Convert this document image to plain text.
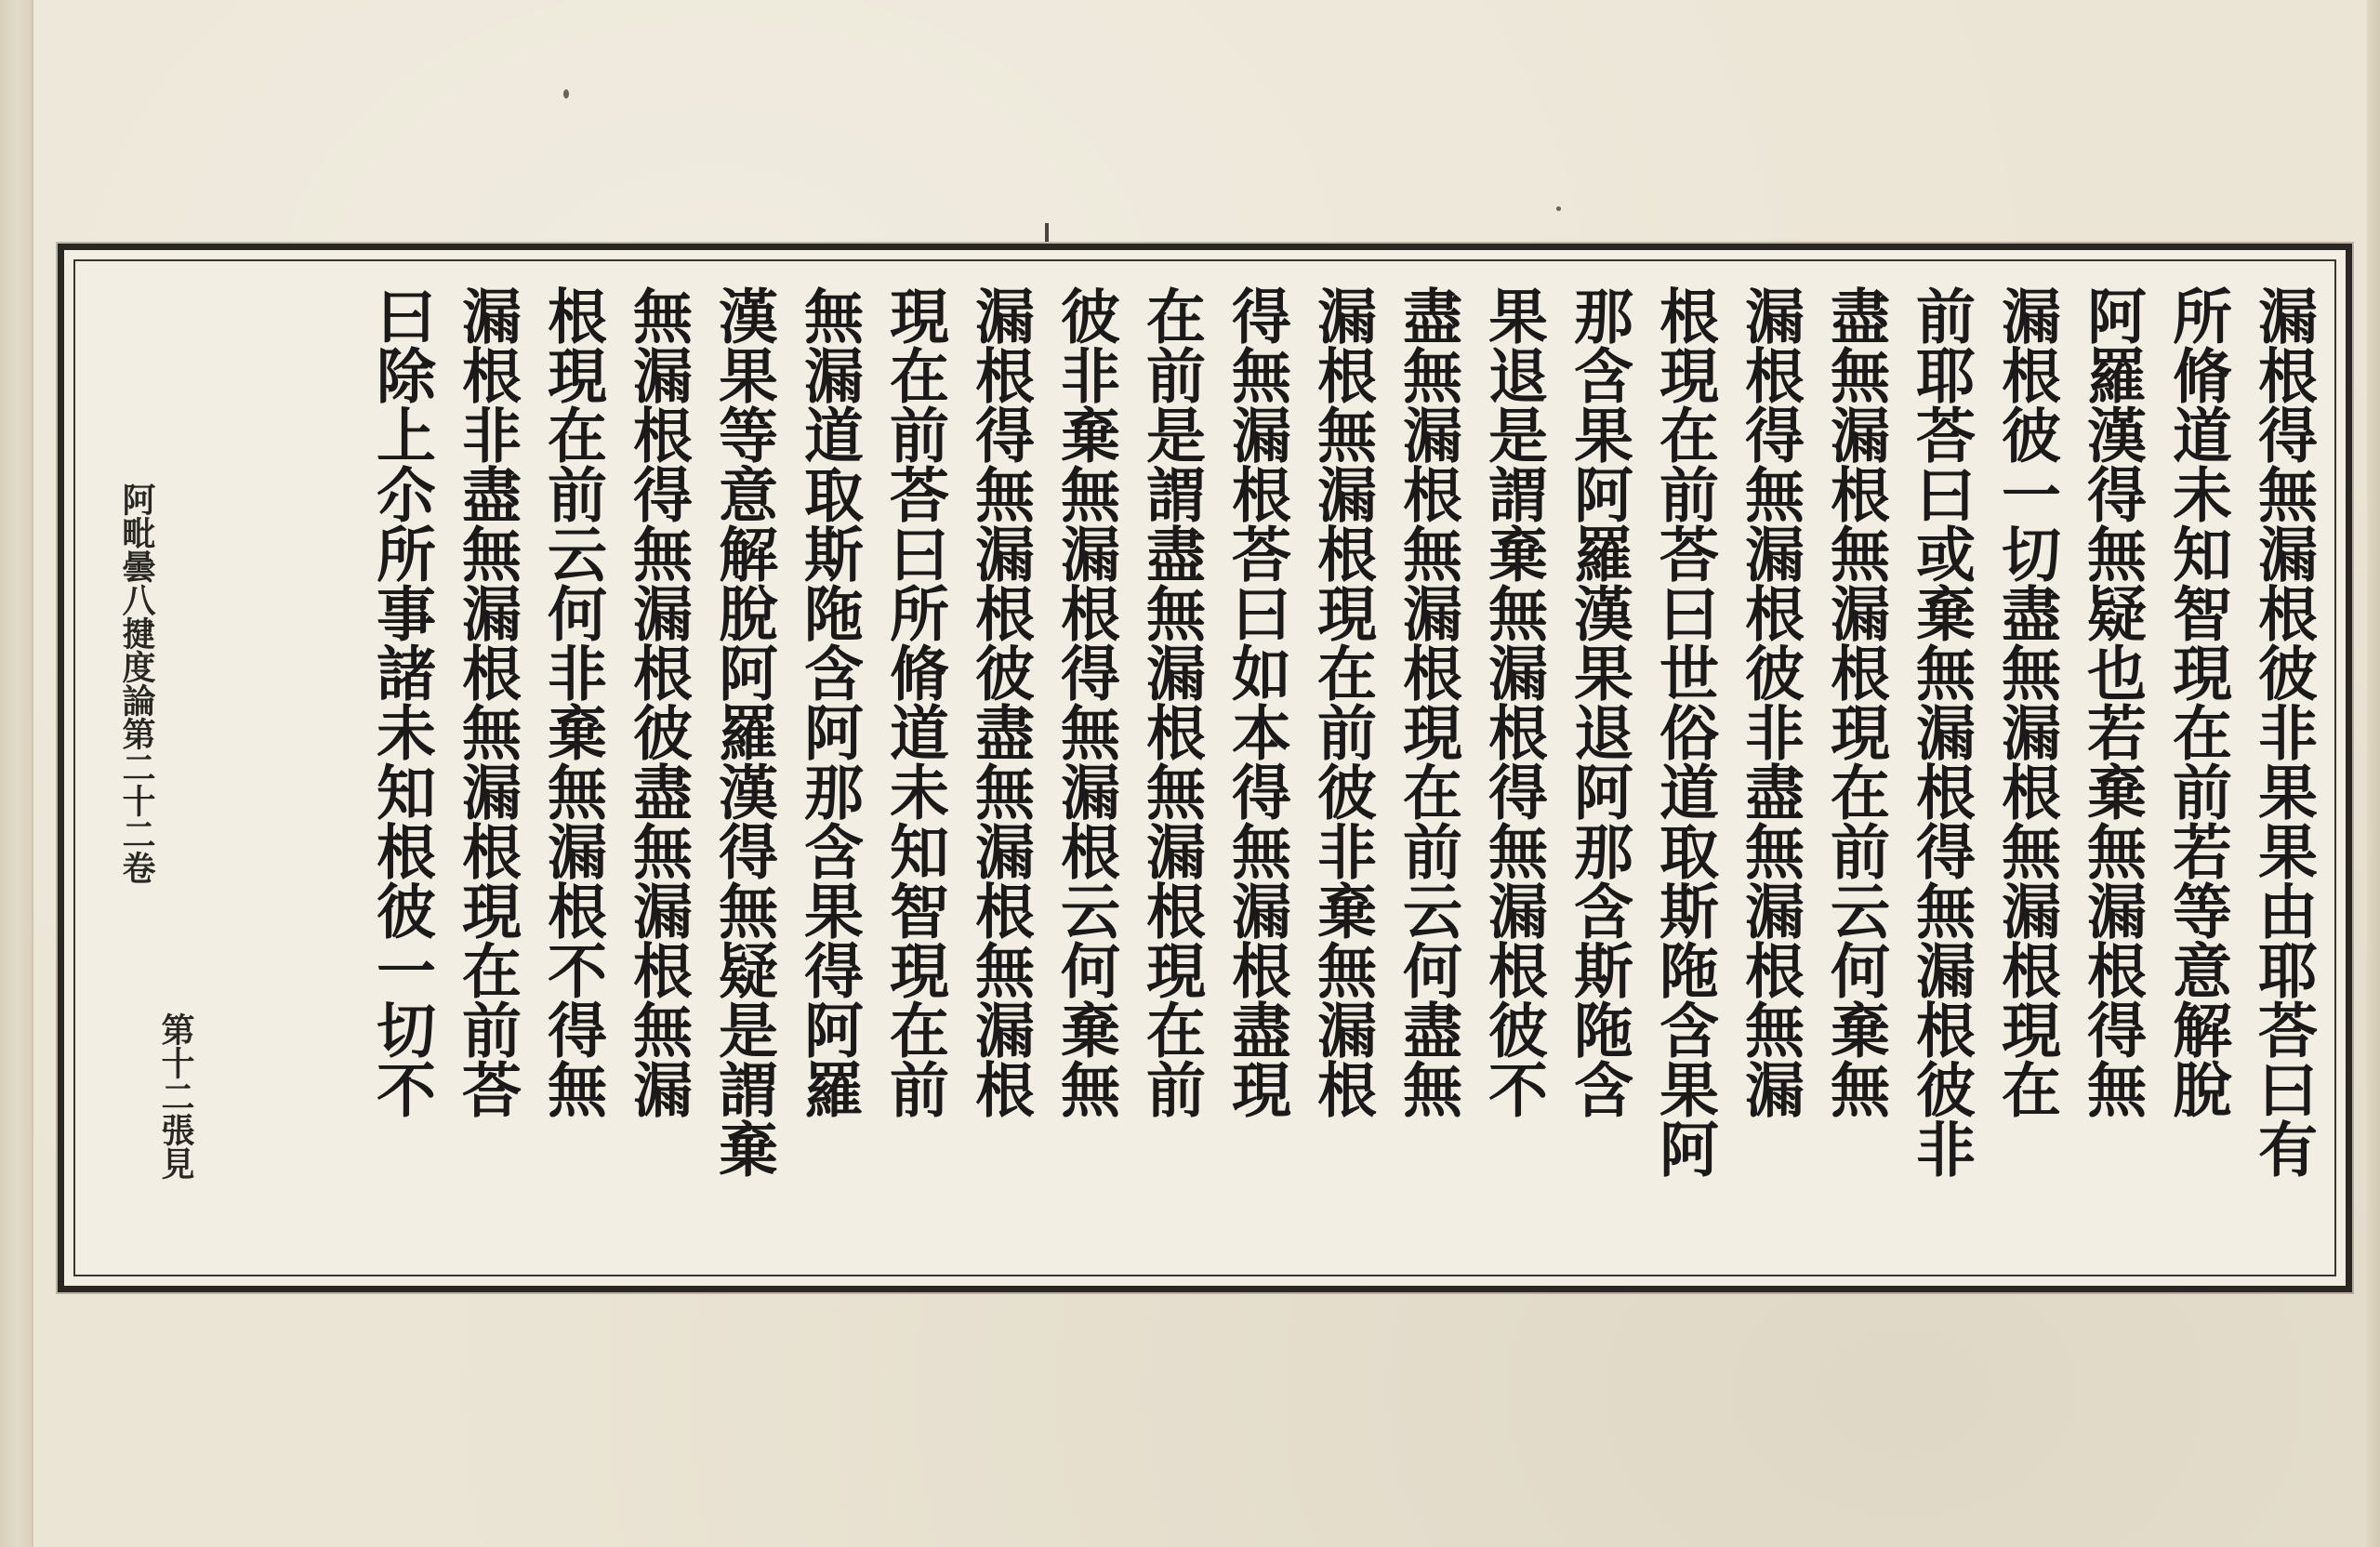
漏根得無漏根彼非果果由耶荅曰有
所脩道未知智現在前若等意解脫
阿羅漢得無疑也若棄無漏根得無
漏根彼一切盡無漏根無漏根現在
前耶荅曰或棄無漏根得無漏根彼非
盡無漏根無漏根現在前云何棄無
漏根得無漏根彼非盡無漏根無漏
根現在前荅曰世俗道取斯陁含果阿
那含果阿羅漢果退阿那含斯陁含
果退是謂棄無漏根得無漏根彼不
盡無漏根無漏根現在前云何盡無
漏根無漏根現在前彼非棄無漏根
得無漏根荅曰如本得無漏根盡現
在前是謂盡無漏根無漏根現在前
彼非棄無漏根得無漏根云何棄無
漏根得無漏根彼盡無漏根無漏根
現在前荅曰所脩道未知智現在前
無漏道取斯陁含阿那含果得阿羅
漢果等意解脫阿羅漢得無疑是謂棄
無漏根得無漏根彼盡無漏根無漏
根現在前云何非棄無漏根不得無
漏根非盡無漏根無漏根現在前荅
曰除上尒所事諸未知根彼一切不
阿毗曇八揵度論第二十二卷
第十二張見
